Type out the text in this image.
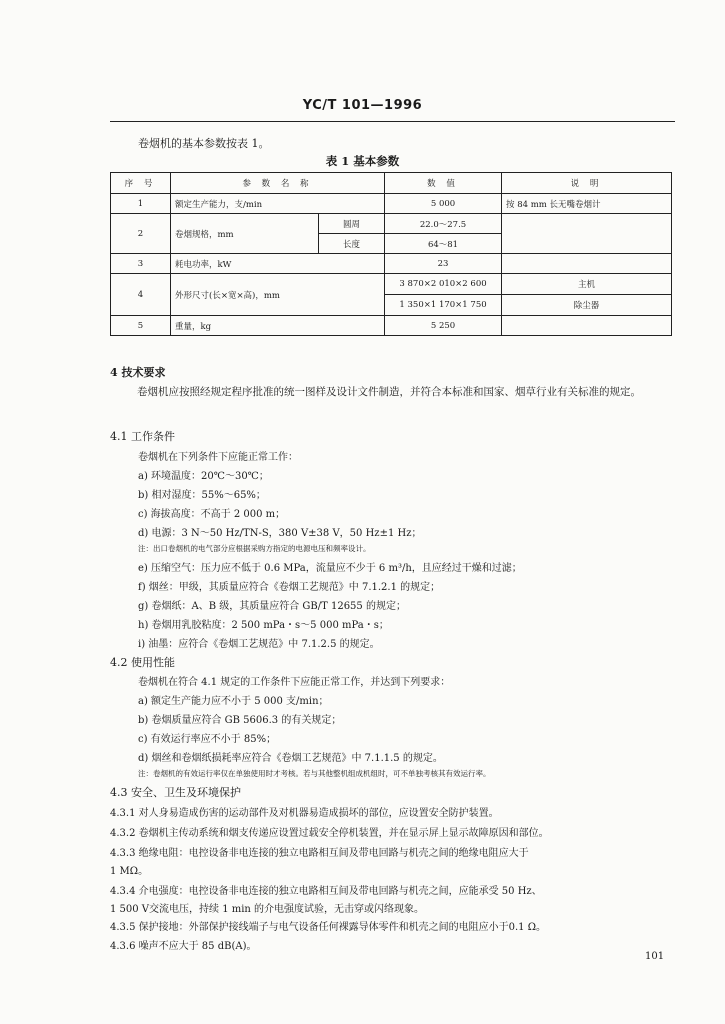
YC/T 101—1996
卷烟机的基本参数按表 1。
表 1 基本参数
序 号	参 数 名 称		数 值	说 明
1	额定生产能力，支/min		5 000	按 84 mm 长无嘴卷烟计
2	卷烟规格，mm	圆周	22.0～27.5	
		长度	64～81	
3	耗电功率，kW		23	
4	外形尺寸(长×宽×高)，mm		3 870×2 010×2 600	主机
			1 350×1 170×1 750	除尘器
5	重量，kg		5 250	
4 技术要求
卷烟机应按照经规定程序批准的统一图样及设计文件制造，并符合本标准和国家、烟草行业有关标准的规定。
4.1 工作条件
卷烟机在下列条件下应能正常工作：
a) 环境温度：20℃～30℃；
b) 相对湿度：55%～65%；
c) 海拔高度：不高于 2 000 m；
d) 电源：3 N～50 Hz/TN-S，380 V±38 V，50 Hz±1 Hz；
注：出口卷烟机的电气部分应根据采购方指定的电源电压和频率设计。
e) 压缩空气：压力应不低于 0.6 MPa，流量应不少于 6 m³/h，且应经过干燥和过滤；
f) 烟丝：甲级，其质量应符合《卷烟工艺规范》中 7.1.2.1 的规定；
g) 卷烟纸：A、B 级，其质量应符合 GB/T 12655 的规定；
h) 卷烟用乳胶粘度：2 500 mPa・s～5 000 mPa・s；
i) 油墨：应符合《卷烟工艺规范》中 7.1.2.5 的规定。
4.2 使用性能
卷烟机在符合 4.1 规定的工作条件下应能正常工作，并达到下列要求：
a) 额定生产能力应不小于 5 000 支/min；
b) 卷烟质量应符合 GB 5606.3 的有关规定；
c) 有效运行率应不小于 85%；
d) 烟丝和卷烟纸损耗率应符合《卷烟工艺规范》中 7.1.1.5 的规定。
注：卷烟机的有效运行率仅在单独使用时才考核。若与其他整机组成机组时，可不单独考核其有效运行率。
4.3 安全、卫生及环境保护
4.3.1 对人身易造成伤害的运动部件及对机器易造成损坏的部位，应设置安全防护装置。
4.3.2 卷烟机主传动系统和烟支传递应设置过载安全停机装置，并在显示屏上显示故障原因和部位。
4.3.3 绝缘电阻：电控设备非电连接的独立电路相互间及带电回路与机壳之间的绝缘电阻应大于
1 MΩ。
4.3.4 介电强度：电控设备非电连接的独立电路相互间及带电回路与机壳之间，应能承受 50 Hz、
1 500 V交流电压，持续 1 min 的介电强度试验，无击穿或闪络现象。
4.3.5 保护接地：外部保护接线端子与电气设备任何裸露导体零件和机壳之间的电阻应小于0.1 Ω。
4.3.6 噪声不应大于 85 dB(A)。
101
